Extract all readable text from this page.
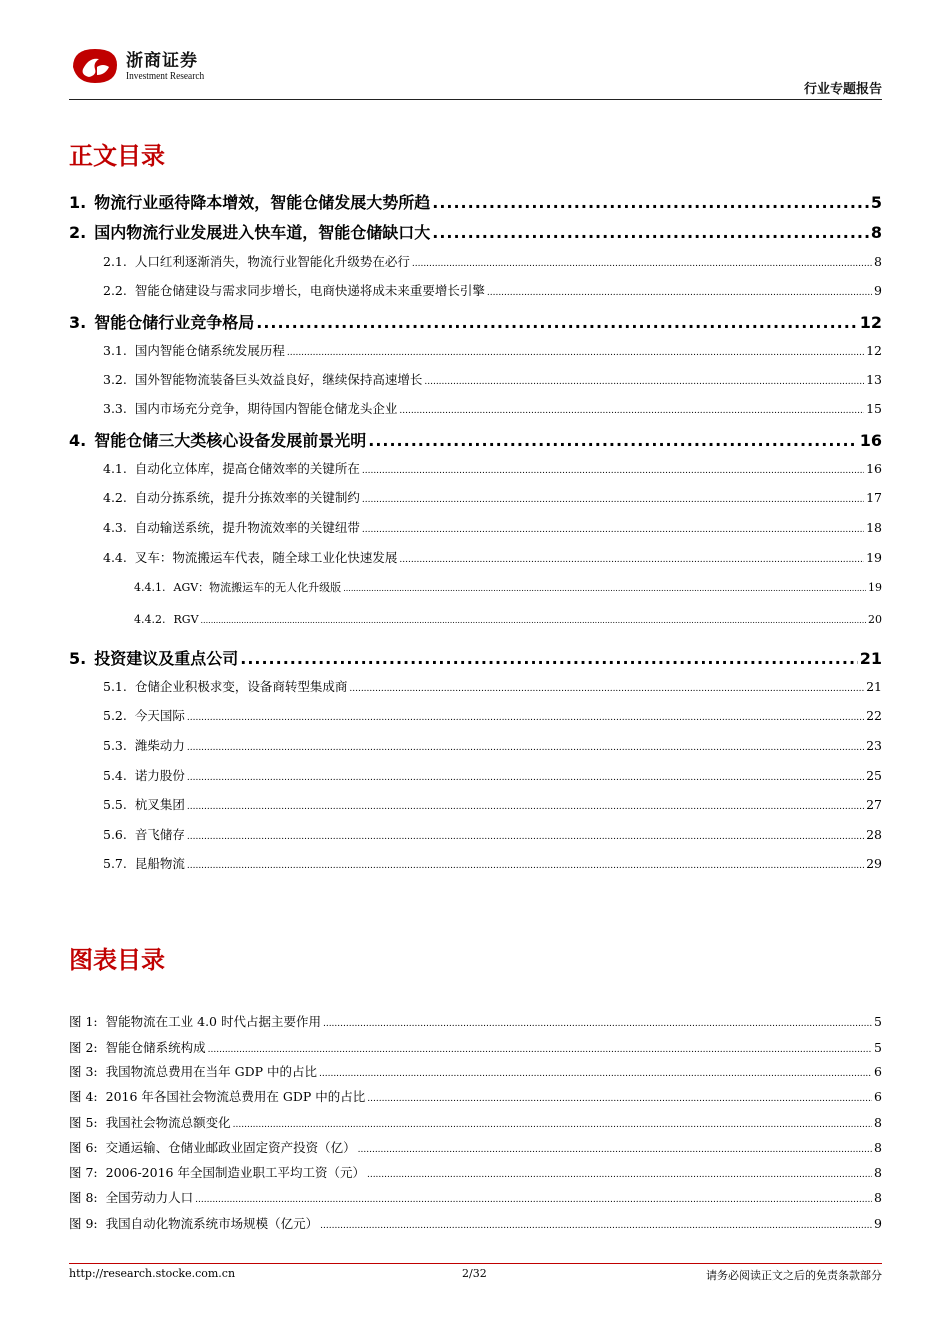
浙商证券
Investment Research
行业专题报告
正文目录
1. 物流行业亟待降本增效，智能仓储发展大势所趋 .....	5
2. 国内物流行业发展进入快车道，智能仓储缺口大 .....	8
2.1. 人口红利逐渐消失，物流行业智能化升级势在必行 .....	8
2.2. 智能仓储建设与需求同步增长，电商快递将成未来重要增长引擎 .....	9
3. 智能仓储行业竞争格局 .....	12
3.1. 国内智能仓储系统发展历程 .....	12
3.2. 国外智能物流装备巨头效益良好，继续保持高速增长 .....	13
3.3. 国内市场充分竞争，期待国内智能仓储龙头企业 .....	15
4. 智能仓储三大类核心设备发展前景光明 .....	16
4.1. 自动化立体库，提高仓储效率的关键所在 .....	16
4.2. 自动分拣系统，提升分拣效率的关键制约 .....	17
4.3. 自动输送系统，提升物流效率的关键纽带 .....	18
4.4. 叉车：物流搬运车代表，随全球工业化快速发展 .....	19
4.4.1. AGV：物流搬运车的无人化升级版 .....	19
4.4.2. RGV .....	20
5. 投资建议及重点公司 .....	21
5.1. 仓储企业积极求变，设备商转型集成商 .....	21
5.2. 今天国际 .....	22
5.3. 潍柴动力 .....	23
5.4. 诺力股份 .....	25
5.5. 杭叉集团 .....	27
5.6. 音飞储存 .....	28
5.7. 昆船物流 .....	29
图表目录
图 1: 智能物流在工业 4.0 时代占据主要作用 .....	5
图 2: 智能仓储系统构成 .....	5
图 3: 我国物流总费用在当年 GDP 中的占比 .....	6
图 4: 2016 年各国社会物流总费用在 GDP 中的占比 .....	6
图 5: 我国社会物流总额变化 .....	8
图 6: 交通运输、仓储业邮政业固定资产投资（亿） .....	8
图 7: 2006-2016 年全国制造业职工平均工资（元） .....	8
图 8: 全国劳动力人口 .....	8
图 9: 我国自动化物流系统市场规模（亿元） .....	9
http://research.stocke.com.cn	2/32	请务必阅读正文之后的免责条款部分
